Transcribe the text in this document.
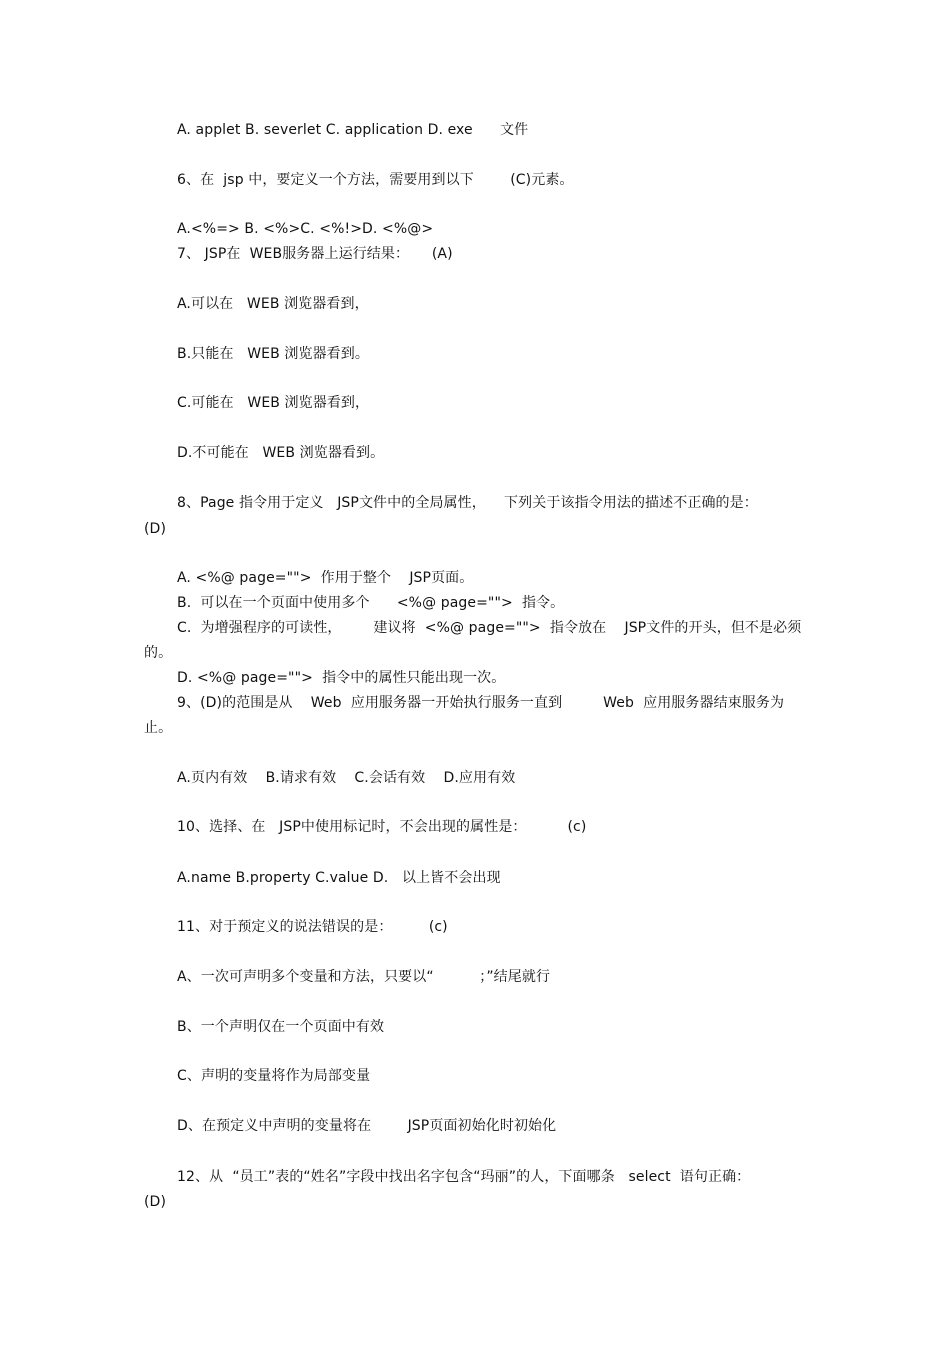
A. applet B. severlet C. application D. exe      文件
6、在  jsp 中，要定义一个方法，需要用到以下        (C)元素。
A.<%=> B. <%>C. <%!>D. <%@>
7、 JSP在  WEB服务器上运行结果：     (A)
A.可以在   WEB 浏览器看到，
B.只能在   WEB 浏览器看到。
C.可能在   WEB 浏览器看到，
D.不可能在   WEB 浏览器看到。
8、Page 指令用于定义   JSP文件中的全局属性，    下列关于该指令用法的描述不正确的是：
(D)
A. <%@ page="">  作用于整个    JSP页面。
B.  可以在一个页面中使用多个      <%@ page="">  指令。
C.  为增强程序的可读性，       建议将  <%@ page="">  指令放在    JSP文件的开头，但不是必须
的。
D. <%@ page="">  指令中的属性只能出现一次。
9、(D)的范围是从    Web  应用服务器一开始执行服务一直到         Web  应用服务器结束服务为
止。
A.页内有效    B.请求有效    C.会话有效    D.应用有效
10、选择、在   JSP中使用标记时，不会出现的属性是：         (c)
A.name B.property C.value D.   以上皆不会出现
11、对于预定义的说法错误的是：        (c)
A、一次可声明多个变量和方法，只要以“          ；”结尾就行
B、一个声明仅在一个页面中有效
C、声明的变量将作为局部变量
D、在预定义中声明的变量将在        JSP页面初始化时初始化
12、从  “员工”表的“姓名”字段中找出名字包含“玛丽”的人，下面哪条   select  语句正确：
(D)
